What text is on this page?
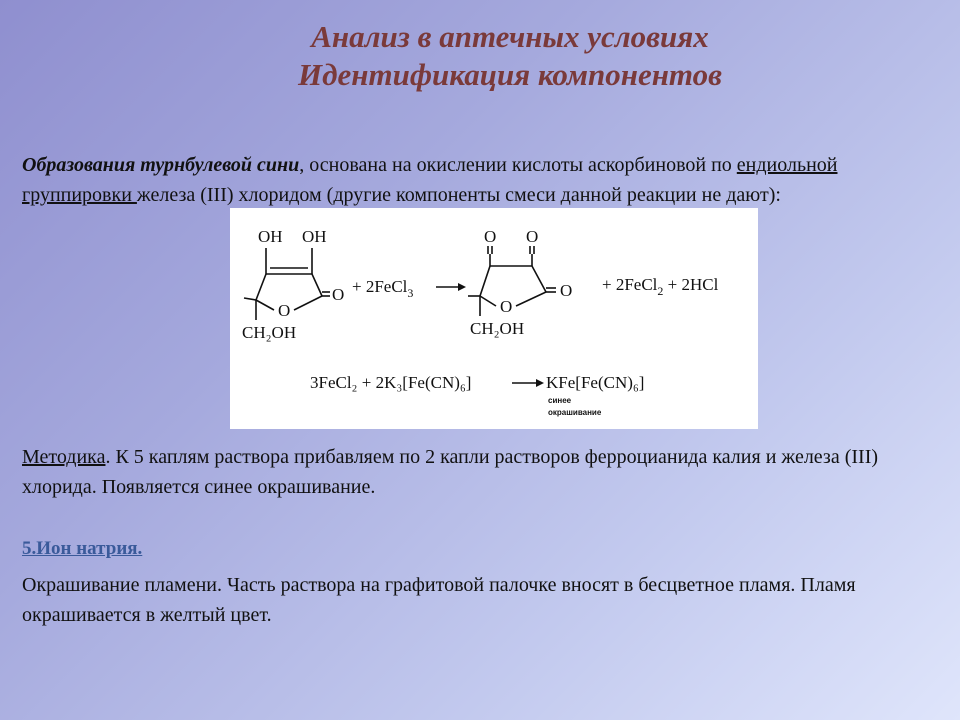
Анализ в аптечных условиях
Идентификация компонентов
Образования турнбулевой сини, основана на окислении кислоты аскорбиновой по ендиольной группировки железа (III) хлоридом (другие компоненты смеси данной реакции не дают):
OH OH
O
O
CH₂OH
+ 2FeCl$_3$
O O
O
O
CH₂OH
+ 2FeCl$_2$ + 2HCl
3FeCl₂ + 2K₃[Fe(CN)₆]	KFe[Fe(CN)₆]
синее
окрашивание
Методика. К 5 каплям раствора прибавляем по 2 капли растворов ферроцианида калия и железа (III) хлорида. Появляется синее окрашивание.
5.Ион натрия.
Окрашивание пламени. Часть раствора на графитовой палочке вносят в бесцветное пламя. Пламя окрашивается в желтый цвет.
